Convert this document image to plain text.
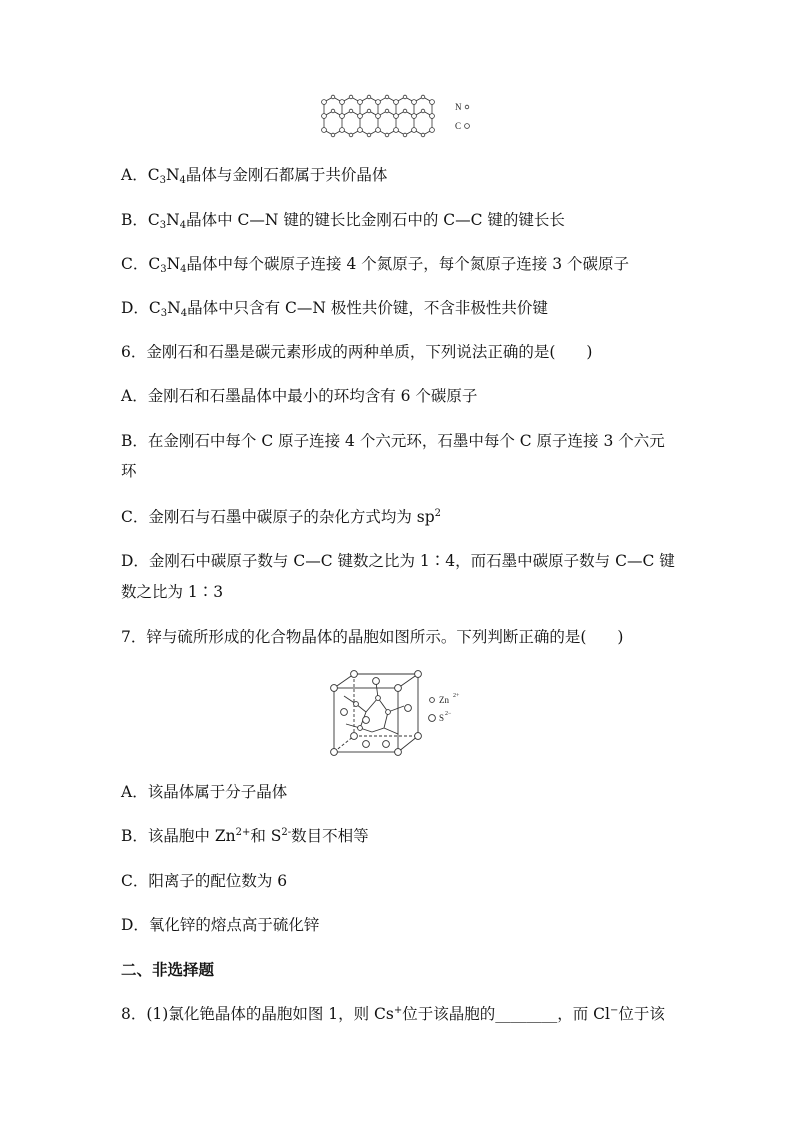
N
C
A．$C_3N_4$晶体与金刚石都属于共价晶体
B．$C_3N_4$晶体中 C—N 键的键长比金刚石中的 C—C 键的键长长
C．$C_3N_4$晶体中每个碳原子连接 4 个氮原子，每个氮原子连接 3 个碳原子
D．$C_3N_4$晶体中只含有 C—N 极性共价键，不含非极性共价键
6．金刚石和石墨是碳元素形成的两种单质，下列说法正确的是(　　)
A．金刚石和石墨晶体中最小的环均含有 6 个碳原子
B．在金刚石中每个 C 原子连接 4 个六元环，石墨中每个 C 原子连接 3 个六元
环
C．金刚石与石墨中碳原子的杂化方式均为 $sp^2$
D．金刚石中碳原子数与 C—C 键数之比为 1∶4，而石墨中碳原子数与 C—C 键
数之比为 1∶3
7．锌与硫所形成的化合物晶体的晶胞如图所示。下列判断正确的是(　　)
Zn 2+
S 2−
A．该晶体属于分子晶体
B．该晶胞中 $Zn^{2+}$和 $S^{2-}$数目不相等
C．阳离子的配位数为 6
D．氧化锌的熔点高于硫化锌
二、非选择题
8．(1)氯化铯晶体的晶胞如图 1，则 Cs+位于该晶胞的________，而 Cl−位于该
